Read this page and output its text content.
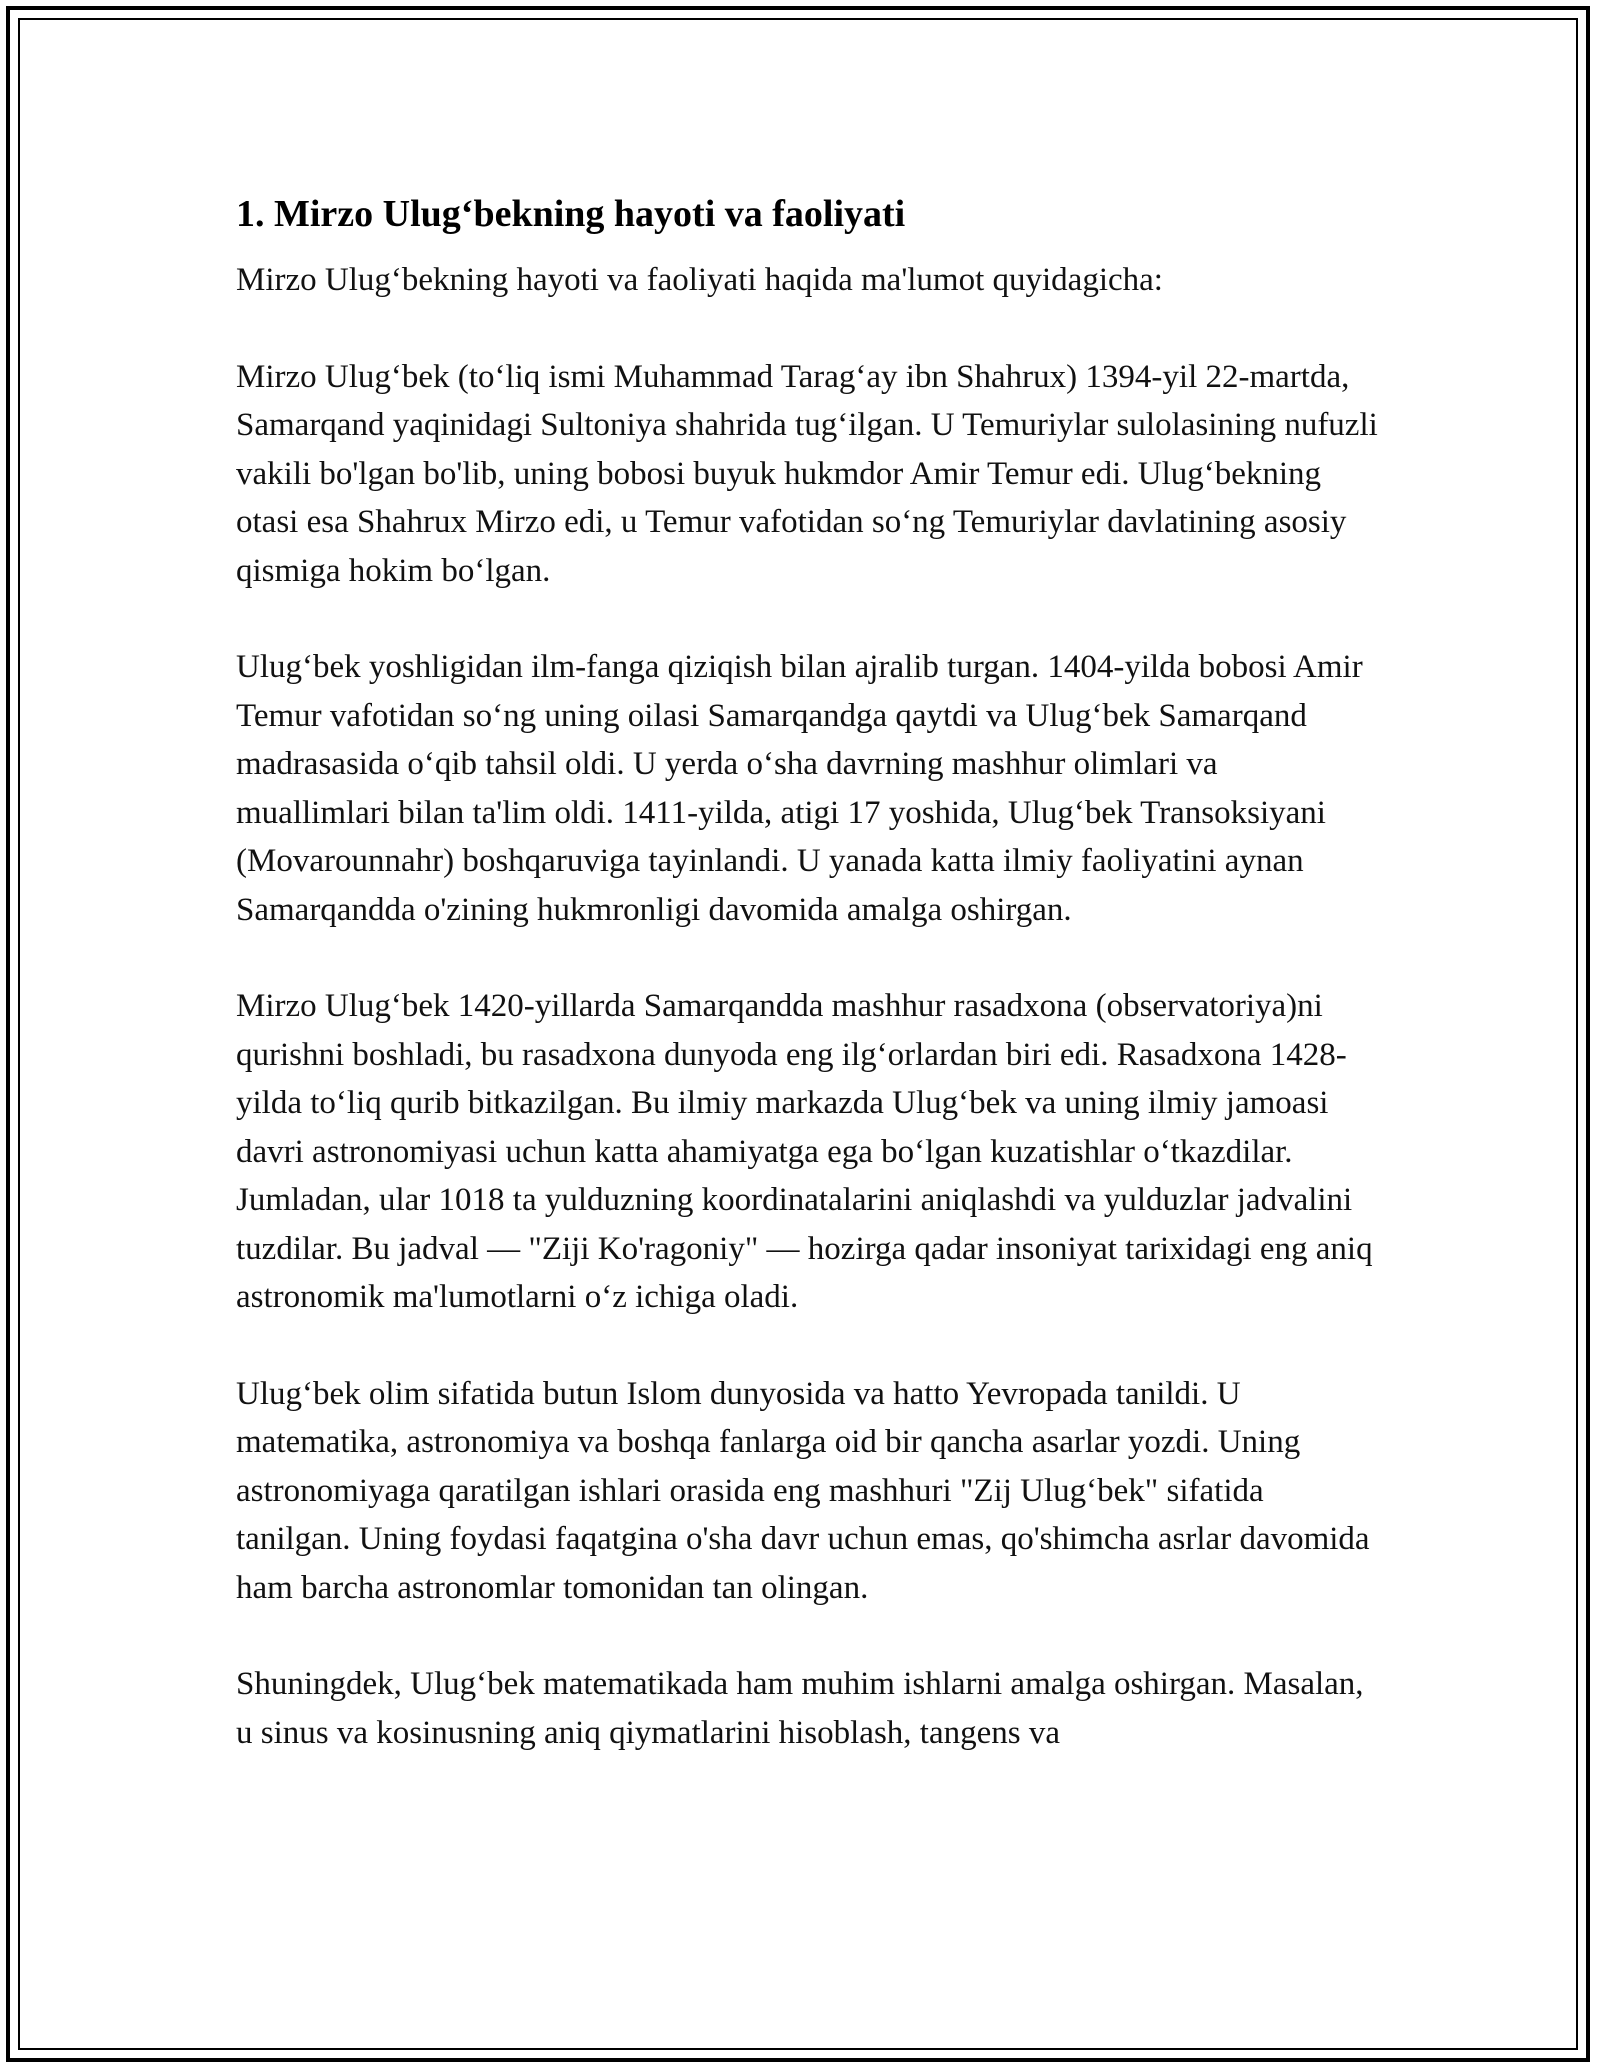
1. Mirzo Ulug‘bekning hayoti va faoliyati

Mirzo Ulug‘bekning hayoti va faoliyati haqida ma'lumot quyidagicha:

Mirzo Ulug‘bek (to‘liq ismi Muhammad Tarag‘ay ibn Shahrux) 1394-yil 22-martda, Samarqand yaqinidagi Sultoniya shahrida tug‘ilgan. U Temuriylar sulolasining nufuzli vakili bo'lgan bo'lib, uning bobosi buyuk hukmdor Amir Temur edi. Ulug‘bekning otasi esa Shahrux Mirzo edi, u Temur vafotidan so‘ng Temuriylar davlatining asosiy qismiga hokim bo‘lgan.

Ulug‘bek yoshligidan ilm-fanga qiziqish bilan ajralib turgan. 1404-yilda bobosi Amir Temur vafotidan so‘ng uning oilasi Samarqandga qaytdi va Ulug‘bek Samarqand madrasasida o‘qib tahsil oldi. U yerda o‘sha davrning mashhur olimlari va muallimlari bilan ta'lim oldi. 1411-yilda, atigi 17 yoshida, Ulug‘bek Transoksiyani (Movarounnahr) boshqaruviga tayinlandi. U yanada katta ilmiy faoliyatini aynan Samarqandda o'zining hukmronligi davomida amalga oshirgan.

Mirzo Ulug‘bek 1420-yillarda Samarqandda mashhur rasadxona (observatoriya)ni qurishni boshladi, bu rasadxona dunyoda eng ilg‘orlardan biri edi. Rasadxona 1428-yilda to‘liq qurib bitkazilgan. Bu ilmiy markazda Ulug‘bek va uning ilmiy jamoasi davri astronomiyasi uchun katta ahamiyatga ega bo‘lgan kuzatishlar o‘tkazdilar. Jumladan, ular 1018 ta yulduzning koordinatalarini aniqlashdi va yulduzlar jadvalini tuzdilar. Bu jadval — "Ziji Ko'ragoniy" — hozirga qadar insoniyat tarixidagi eng aniq astronomik ma'lumotlarni o‘z ichiga oladi.

Ulug‘bek olim sifatida butun Islom dunyosida va hatto Yevropada tanildi. U matematika, astronomiya va boshqa fanlarga oid bir qancha asarlar yozdi. Uning astronomiyaga qaratilgan ishlari orasida eng mashhuri "Zij Ulug‘bek" sifatida tanilgan. Uning foydasi faqatgina o'sha davr uchun emas, qo'shimcha asrlar davomida ham barcha astronomlar tomonidan tan olingan.

Shuningdek, Ulug‘bek matematikada ham muhim ishlarni amalga oshirgan. Masalan, u sinus va kosinusning aniq qiymatlarini hisoblash, tangens va
